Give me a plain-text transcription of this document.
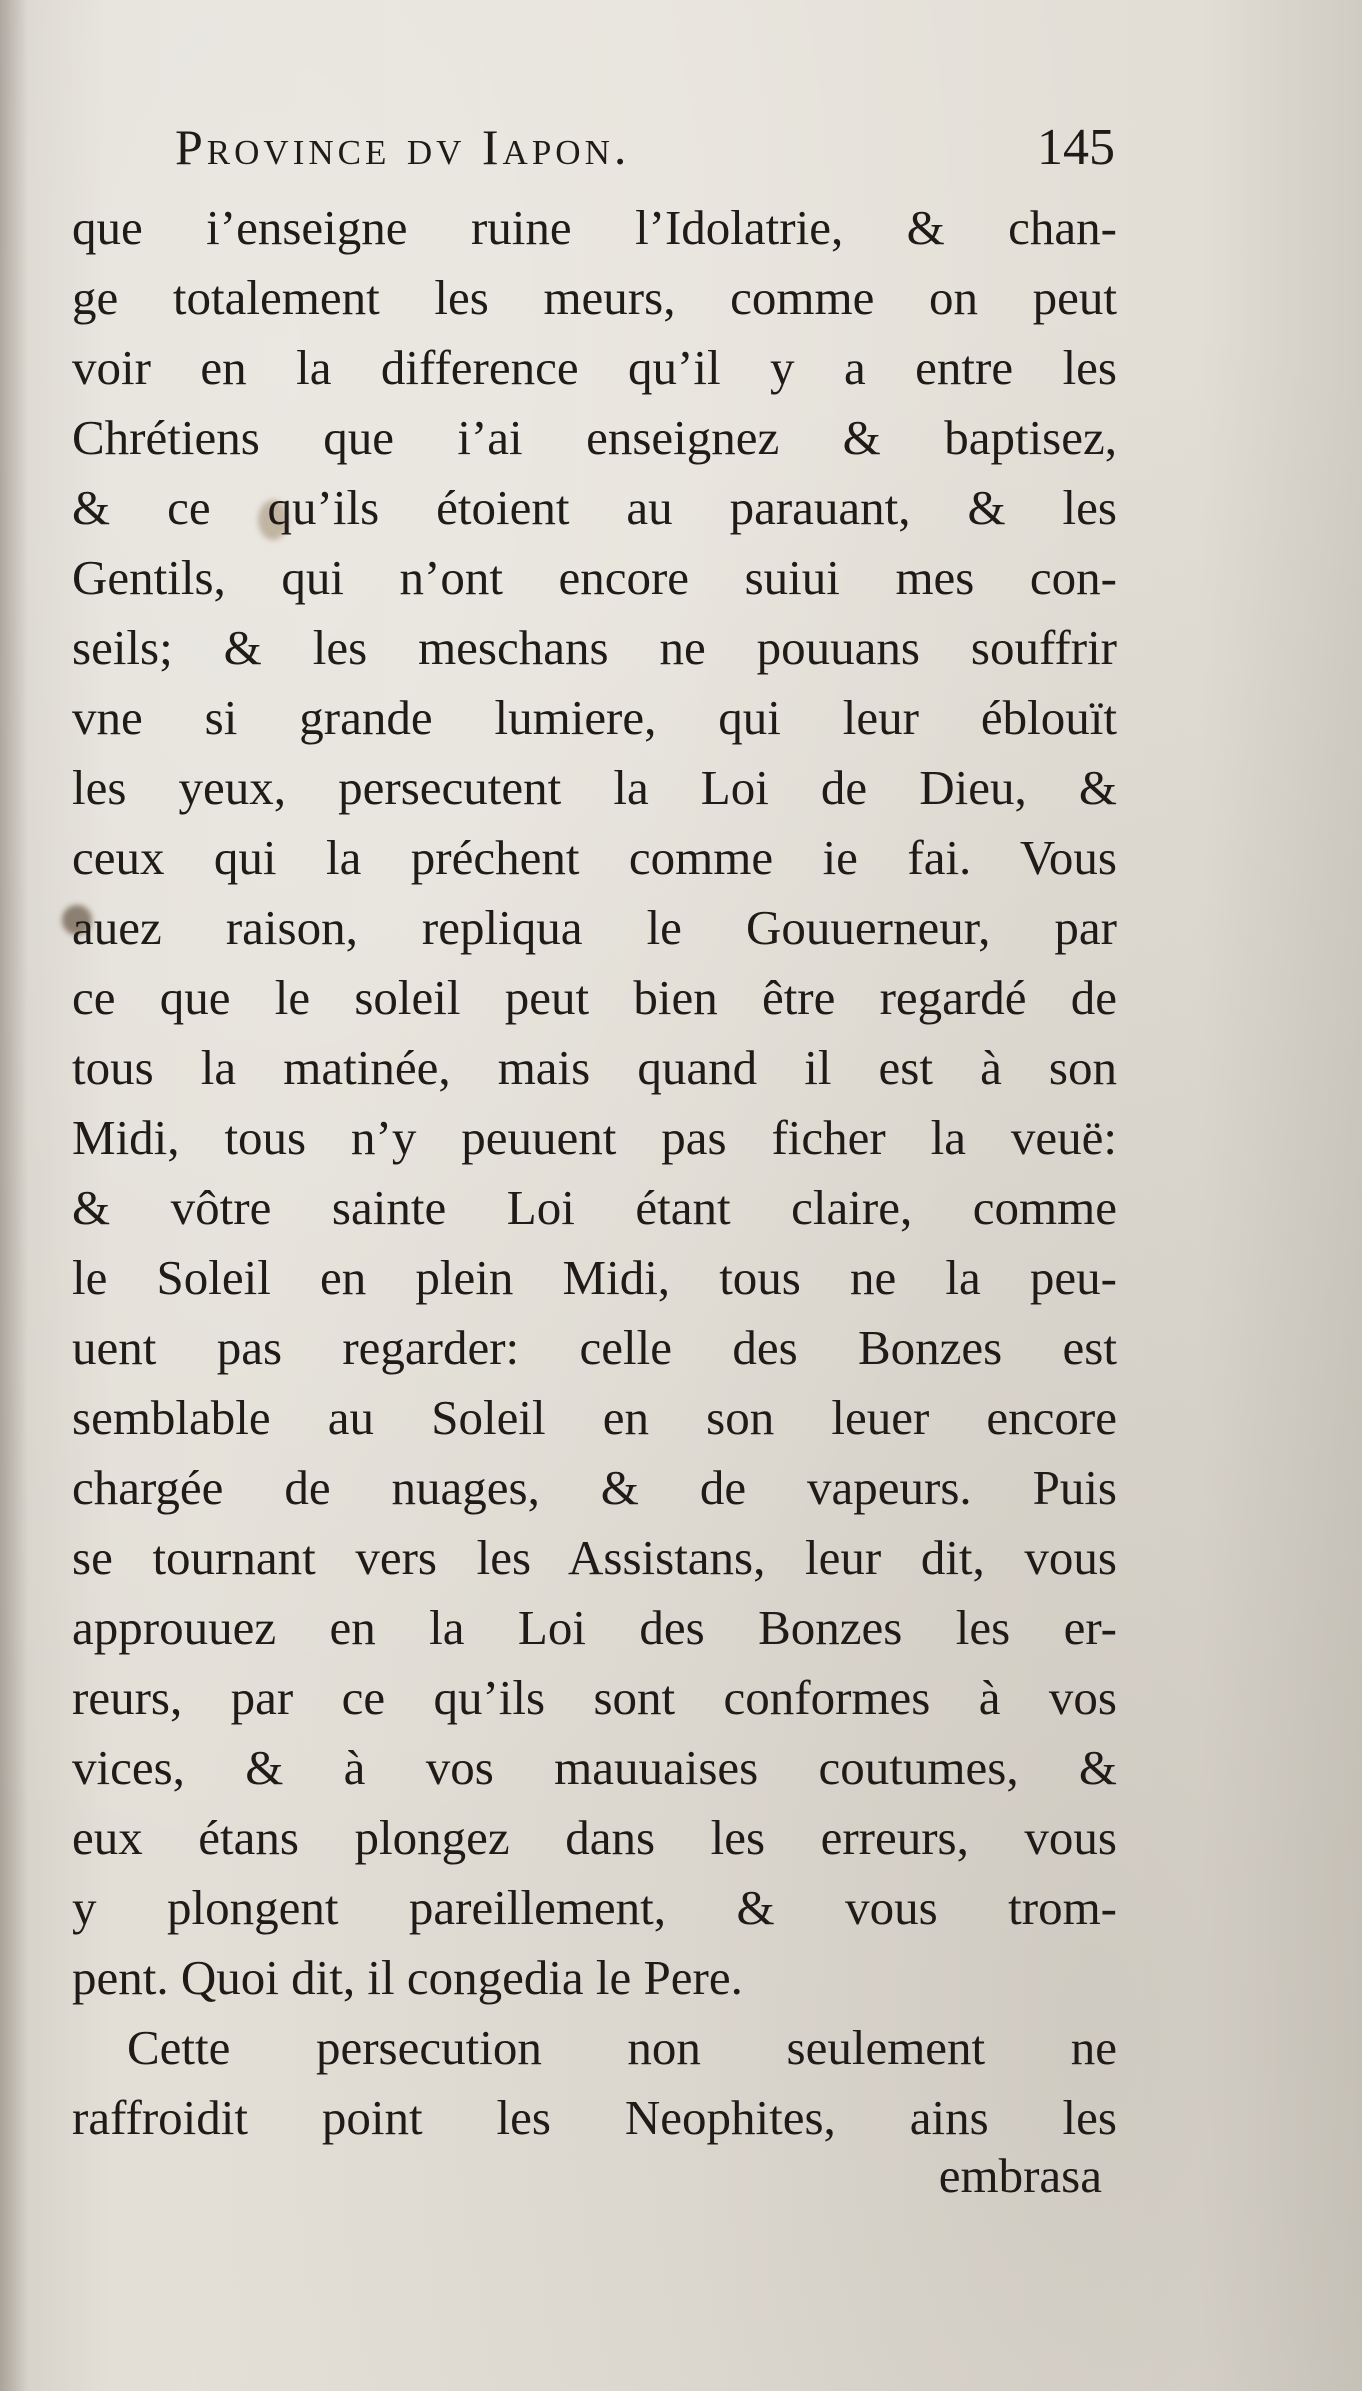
Province dv Iapon.	145
que i’enseigne ruine l’Idolatrie, & chan-
ge totalement les meurs, comme on peut
voir en la difference qu’il y a entre les
Chrétiens que i’ai enseignez & baptisez,
& ce qu’ils étoient au parauant, & les
Gentils, qui n’ont encore suiui mes con-
seils; & les meschans ne pouuans souffrir
vne si grande lumiere, qui leur éblouït
les yeux, persecutent la Loi de Dieu, &
ceux qui la préchent comme ie fai. Vous
auez raison, repliqua le Gouuerneur, par
ce que le soleil peut bien être regardé de
tous la matinée, mais quand il est à son
Midi, tous n’y peuuent pas ficher la veuë:
& vôtre sainte Loi étant claire, comme
le Soleil en plein Midi, tous ne la peu-
uent pas regarder: celle des Bonzes est
semblable au Soleil en son leuer encore
chargée de nuages, & de vapeurs. Puis
se tournant vers les Assistans, leur dit, vous
approuuez en la Loi des Bonzes les er-
reurs, par ce qu’ils sont conformes à vos
vices, & à vos mauuaises coutumes, &
eux étans plongez dans les erreurs, vous
y plongent pareillement, & vous trom-
pent. Quoi dit, il congedia le Pere.
Cette persecution non seulement ne
raffroidit point les Neophites, ains les
embrasa
